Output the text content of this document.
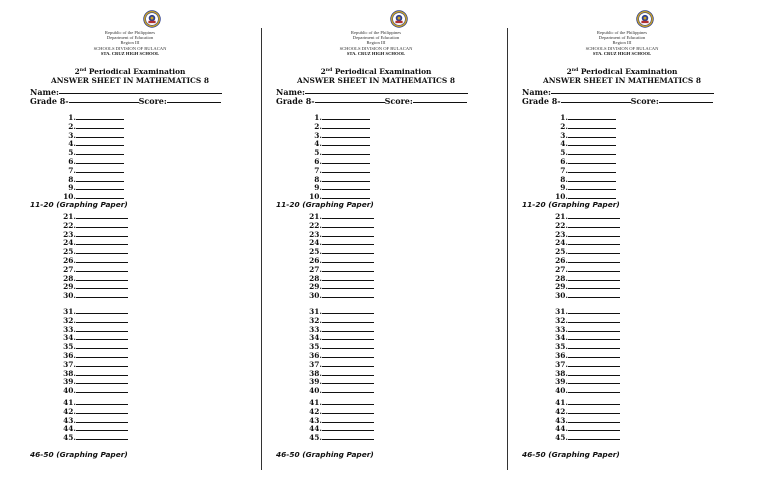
Republic of the Philippines
Department of Education
Region III
SCHOOLS DIVISION OF BULACAN
STA. CRUZ HIGH SCHOOL
2nd Periodical Examination
ANSWER SHEET IN MATHEMATICS 8
Name:
Grade 8-	Score:
1.
2.
3.
4.
5.
6.
7.
8.
9.
10.
21.
22.
23.
24.
25.
26.
27.
28.
29.
30.
31.
32.
33.
34.
35.
36.
37.
38.
39.
40.
41.
42.
43.
44.
45.
11-20 (Graphing Paper)
46-50 (Graphing Paper)
Republic of the Philippines
Department of Education
Region III
SCHOOLS DIVISION OF BULACAN
STA. CRUZ HIGH SCHOOL
2nd Periodical Examination
ANSWER SHEET IN MATHEMATICS 8
Name:
Grade 8-	Score:
1.
2.
3.
4.
5.
6.
7.
8.
9.
10.
21.
22.
23.
24.
25.
26.
27.
28.
29.
30.
31.
32.
33.
34.
35.
36.
37.
38.
39.
40.
41.
42.
43.
44.
45.
11-20 (Graphing Paper)
46-50 (Graphing Paper)
Republic of the Philippines
Department of Education
Region III
SCHOOLS DIVISION OF BULACAN
STA. CRUZ HIGH SCHOOL
2nd Periodical Examination
ANSWER SHEET IN MATHEMATICS 8
Name:
Grade 8-	Score:
1.
2.
3.
4.
5.
6.
7.
8.
9.
10.
21.
22.
23.
24.
25.
26.
27.
28.
29.
30.
31.
32.
33.
34.
35.
36.
37.
38.
39.
40.
41.
42.
43.
44.
45.
11-20 (Graphing Paper)
46-50 (Graphing Paper)
